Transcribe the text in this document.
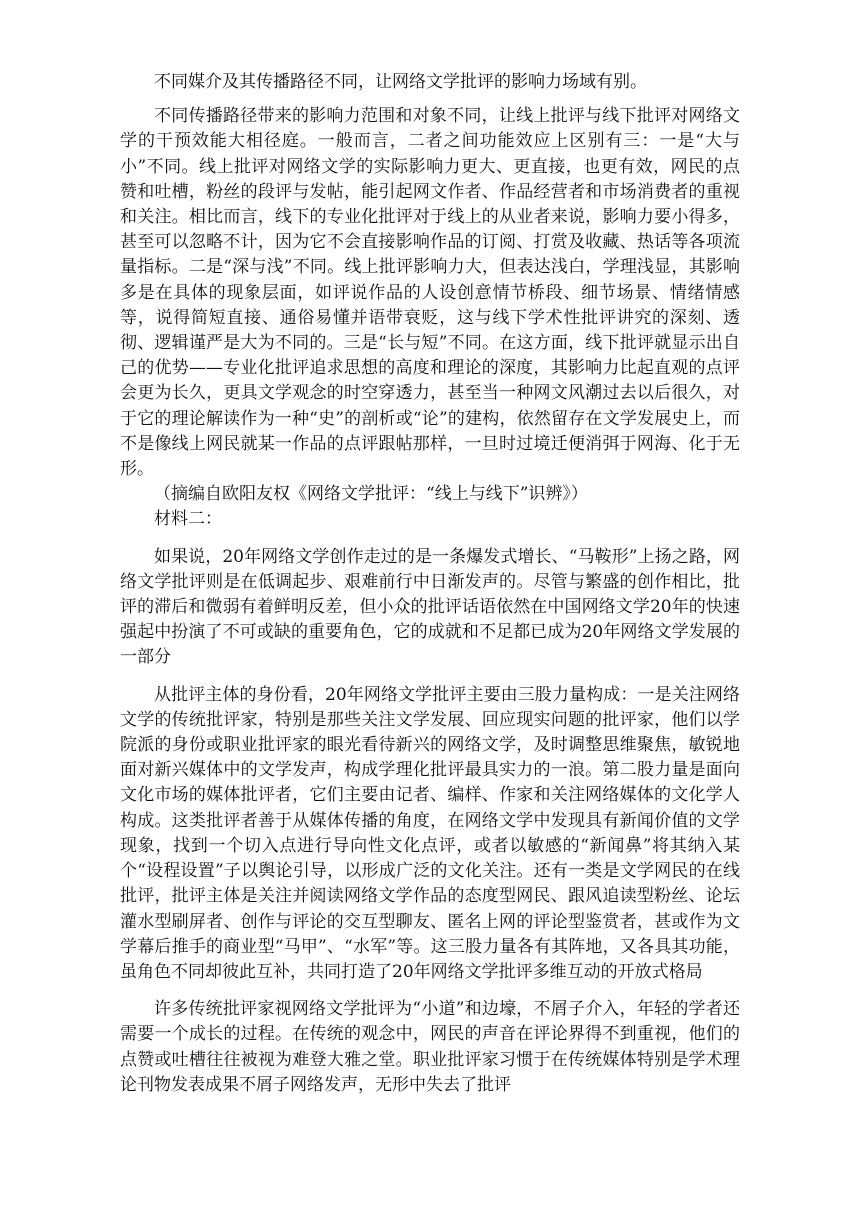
不同媒介及其传播路径不同，让网络文学批评的影响力场域有别。

不同传播路径带来的影响力范围和对象不同，让线上批评与线下批评对网络文学的干预效能大相径庭。一般而言，二者之间功能效应上区别有三：一是“大与小”不同。线上批评对网络文学的实际影响力更大、更直接，也更有效，网民的点赞和吐槽，粉丝的段评与发帖，能引起网文作者、作品经营者和市场消费者的重视和关注。相比而言，线下的专业化批评对于线上的从业者来说，影响力要小得多，甚至可以忽略不计，因为它不会直接影响作品的订阅、打赏及收藏、热话等各项流量指标。二是“深与浅”不同。线上批评影响力大，但表达浅白，学理浅显，其影响多是在具体的现象层面，如评说作品的人设创意情节桥段、细节场景、情绪情感等，说得简短直接、通俗易懂并语带衰贬，这与线下学术性批评讲究的深刻、透彻、逻辑谨严是大为不同的。三是“长与短”不同。在这方面，线下批评就显示出自己的优势——专业化批评追求思想的高度和理论的深度，其影响力比起直观的点评会更为长久，更具文学观念的时空穿透力，甚至当一种网文风潮过去以后很久，对于它的理论解读作为一种“史”的剖析或“论”的建构，依然留存在文学发展史上，而不是像线上网民就某一作品的点评跟帖那样，一旦时过境迁便消弭于网海、化于无形。

（摘编自欧阳友权《网络文学批评：“线上与线下”识辨》）

材料二：

如果说，20年网络文学创作走过的是一条爆发式增长、“马鞍形”上扬之路，网络文学批评则是在低调起步、艰难前行中日渐发声的。尽管与繁盛的创作相比，批评的滞后和微弱有着鲜明反差，但小众的批评话语依然在中国网络文学20年的快速强起中扮演了不可或缺的重要角色，它的成就和不足都已成为20年网络文学发展的一部分

从批评主体的身份看，20年网络文学批评主要由三股力量构成：一是关注网络文学的传统批评家，特别是那些关注文学发展、回应现实问题的批评家，他们以学院派的身份或职业批评家的眼光看待新兴的网络文学，及时调整思维聚焦，敏锐地面对新兴媒体中的文学发声，构成学理化批评最具实力的一浪。第二股力量是面向文化市场的媒体批评者，它们主要由记者、编样、作家和关注网络媒体的文化学人构成。这类批评者善于从媒体传播的角度，在网络文学中发现具有新闻价值的文学现象，找到一个切入点进行导向性文化点评，或者以敏感的“新闻鼻”将其纳入某个“设程设置”子以舆论引导，以形成广泛的文化关注。还有一类是文学网民的在线批评，批评主体是关注并阅读网络文学作品的态度型网民、跟风追读型粉丝、论坛灌水型刷屏者、创作与评论的交互型聊友、匿名上网的评论型鉴赏者，甚或作为文学幕后推手的商业型“马甲”、“水军”等。这三股力量各有其阵地，又各具其功能，虽角色不同却彼此互补，共同打造了20年网络文学批评多维互动的开放式格局

许多传统批评家视网络文学批评为“小道”和边壕，不屑子介入，年轻的学者还需要一个成长的过程。在传统的观念中，网民的声音在评论界得不到重视，他们的点赞或吐槽往往被视为难登大雅之堂。职业批评家习惯于在传统媒体特别是学术理论刊物发表成果不屑子网络发声，无形中失去了批评
